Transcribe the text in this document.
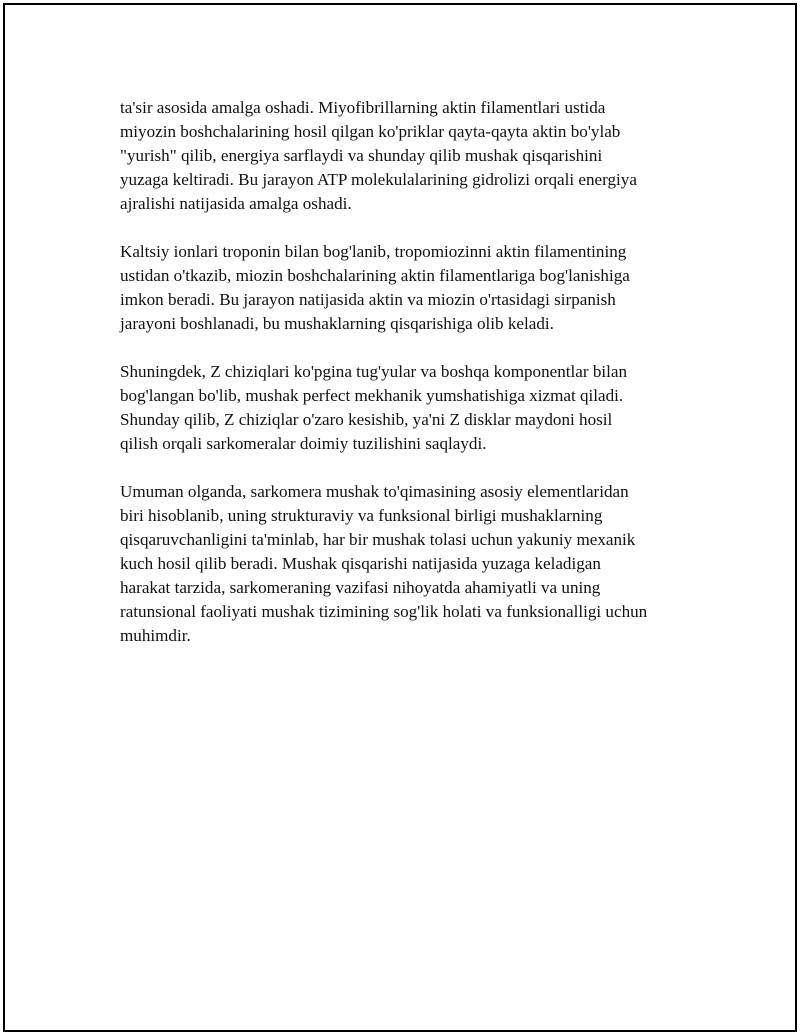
ta'sir asosida amalga oshadi. Miyofibrillarning aktin filamentlari ustida
miyozin boshchalarining hosil qilgan ko'priklar qayta-qayta aktin bo'ylab
"yurish" qilib, energiya sarflaydi va shunday qilib mushak qisqarishini
yuzaga keltiradi. Bu jarayon ATP molekulalarining gidrolizi orqali energiya
ajralishi natijasida amalga oshadi.

Kaltsiy ionlari troponin bilan bog'lanib, tropomiozinni aktin filamentining
ustidan o'tkazib, miozin boshchalarining aktin filamentlariga bog'lanishiga
imkon beradi. Bu jarayon natijasida aktin va miozin o'rtasidagi sirpanish
jarayoni boshlanadi, bu mushaklarning qisqarishiga olib keladi.

Shuningdek, Z chiziqlari ko'pgina tug'yular va boshqa komponentlar bilan
bog'langan bo'lib, mushak perfect mekhanik yumshatishiga xizmat qiladi.
Shunday qilib, Z chiziqlar o'zaro kesishib, ya'ni Z disklar maydoni hosil
qilish orqali sarkomeralar doimiy tuzilishini saqlaydi.

Umuman olganda, sarkomera mushak to'qimasining asosiy elementlaridan
biri hisoblanib, uning strukturaviy va funksional birligi mushaklarning
qisqaruvchanligini ta'minlab, har bir mushak tolasi uchun yakuniy mexanik
kuch hosil qilib beradi. Mushak qisqarishi natijasida yuzaga keladigan
harakat tarzida, sarkomeraning vazifasi nihoyatda ahamiyatli va uning
ratunsional faoliyati mushak tizimining sog'lik holati va funksionalligi uchun
muhimdir.
